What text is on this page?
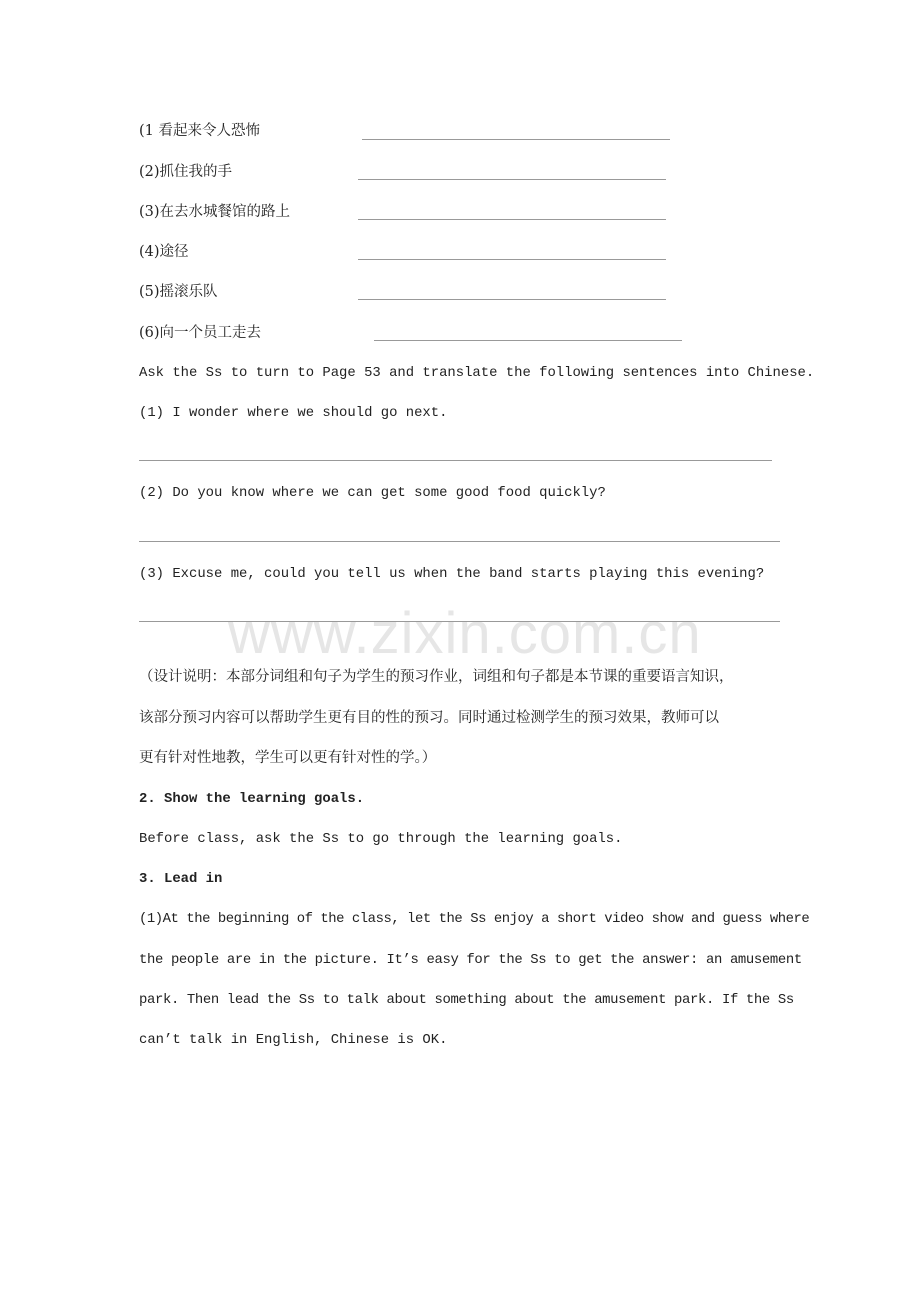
www.zixin.com.cn
(1 看起来令人恐怖
(2)抓住我的手
(3)在去水城餐馆的路上
(4)途径
(5)摇滚乐队
(6)向一个员工走去
Ask the Ss to turn to Page 53 and translate the following sentences into Chinese.
(1) I wonder where we should go next.
(2) Do you know where we can get some good food quickly?
(3) Excuse me, could you tell us when the band starts playing this evening?
（设计说明：本部分词组和句子为学生的预习作业，词组和句子都是本节课的重要语言知识，
该部分预习内容可以帮助学生更有目的性的预习。同时通过检测学生的预习效果，教师可以
更有针对性地教，学生可以更有针对性的学。）
2. Show the learning goals.
Before class, ask the Ss to go through the learning goals.
3. Lead in
(1)At the beginning of the class, let the Ss enjoy a short video show and guess where
the people are in the picture. It’s easy for the Ss to get the answer: an amusement
park. Then lead the Ss to talk about something about the amusement park. If the Ss
can’t talk in English, Chinese is OK.
